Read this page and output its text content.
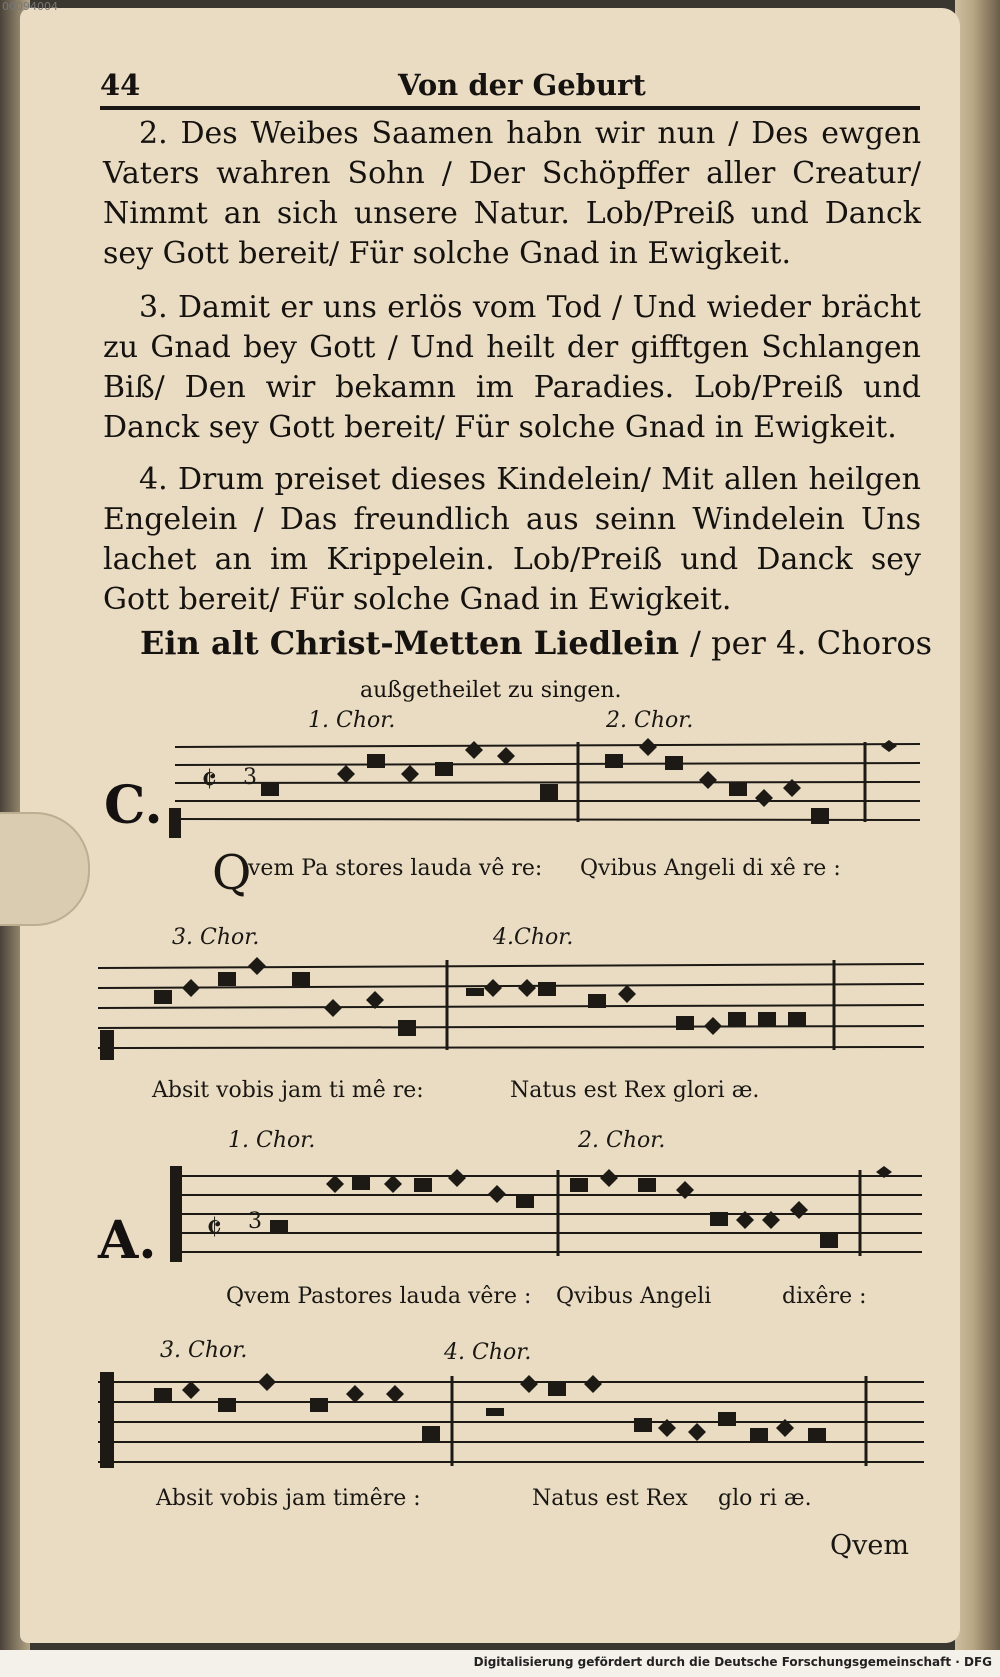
00094004
44	Von der Geburt

2. Des Weibes Saamen habn wir nun / Des ewgen Vaters wahren Sohn / Der Schöpffer aller Creatur/ Nimmt an sich unsere Natur. Lob/Preiß und Danck sey Gott bereit/ Für solche Gnad in Ewigkeit.

3. Damit er uns erlös vom Tod / Und wieder brächt zu Gnad bey Gott / Und heilt der gifftgen Schlangen Biß/ Den wir bekamn im Paradies. Lob/Preiß und Danck sey Gott bereit/ Für solche Gnad in Ewigkeit.

4. Drum preiset dieses Kindelein/ Mit allen heilgen Engelein / Das freundlich aus seinn Windelein Uns lachet an im Krippelein. Lob/Preiß und Danck sey Gott bereit/ Für solche Gnad in Ewigkeit.

Ein alt Christ-Metten Liedlein / per 4. Choros
außgetheilet zu singen.
1. Chor.	2. Chor.
C. 𝄵 3
Q
vem Pa stores lauda vê re: Qvibus Angeli di xê re :
3. Chor.	4.Chor.
Absit vobis jam ti mê re:	Natus est Rex glori æ.
1. Chor.	2. Chor.
A. 𝄵 3
Qvem Pastores lauda vêre : Qvibus Angeli	dixêre :
3. Chor.	4. Chor.
Absit vobis jam timêre :	Natus est Rex glo ri æ.
Qvem
Digitalisierung gefördert durch die Deutsche Forschungsgemeinschaft · DFG
